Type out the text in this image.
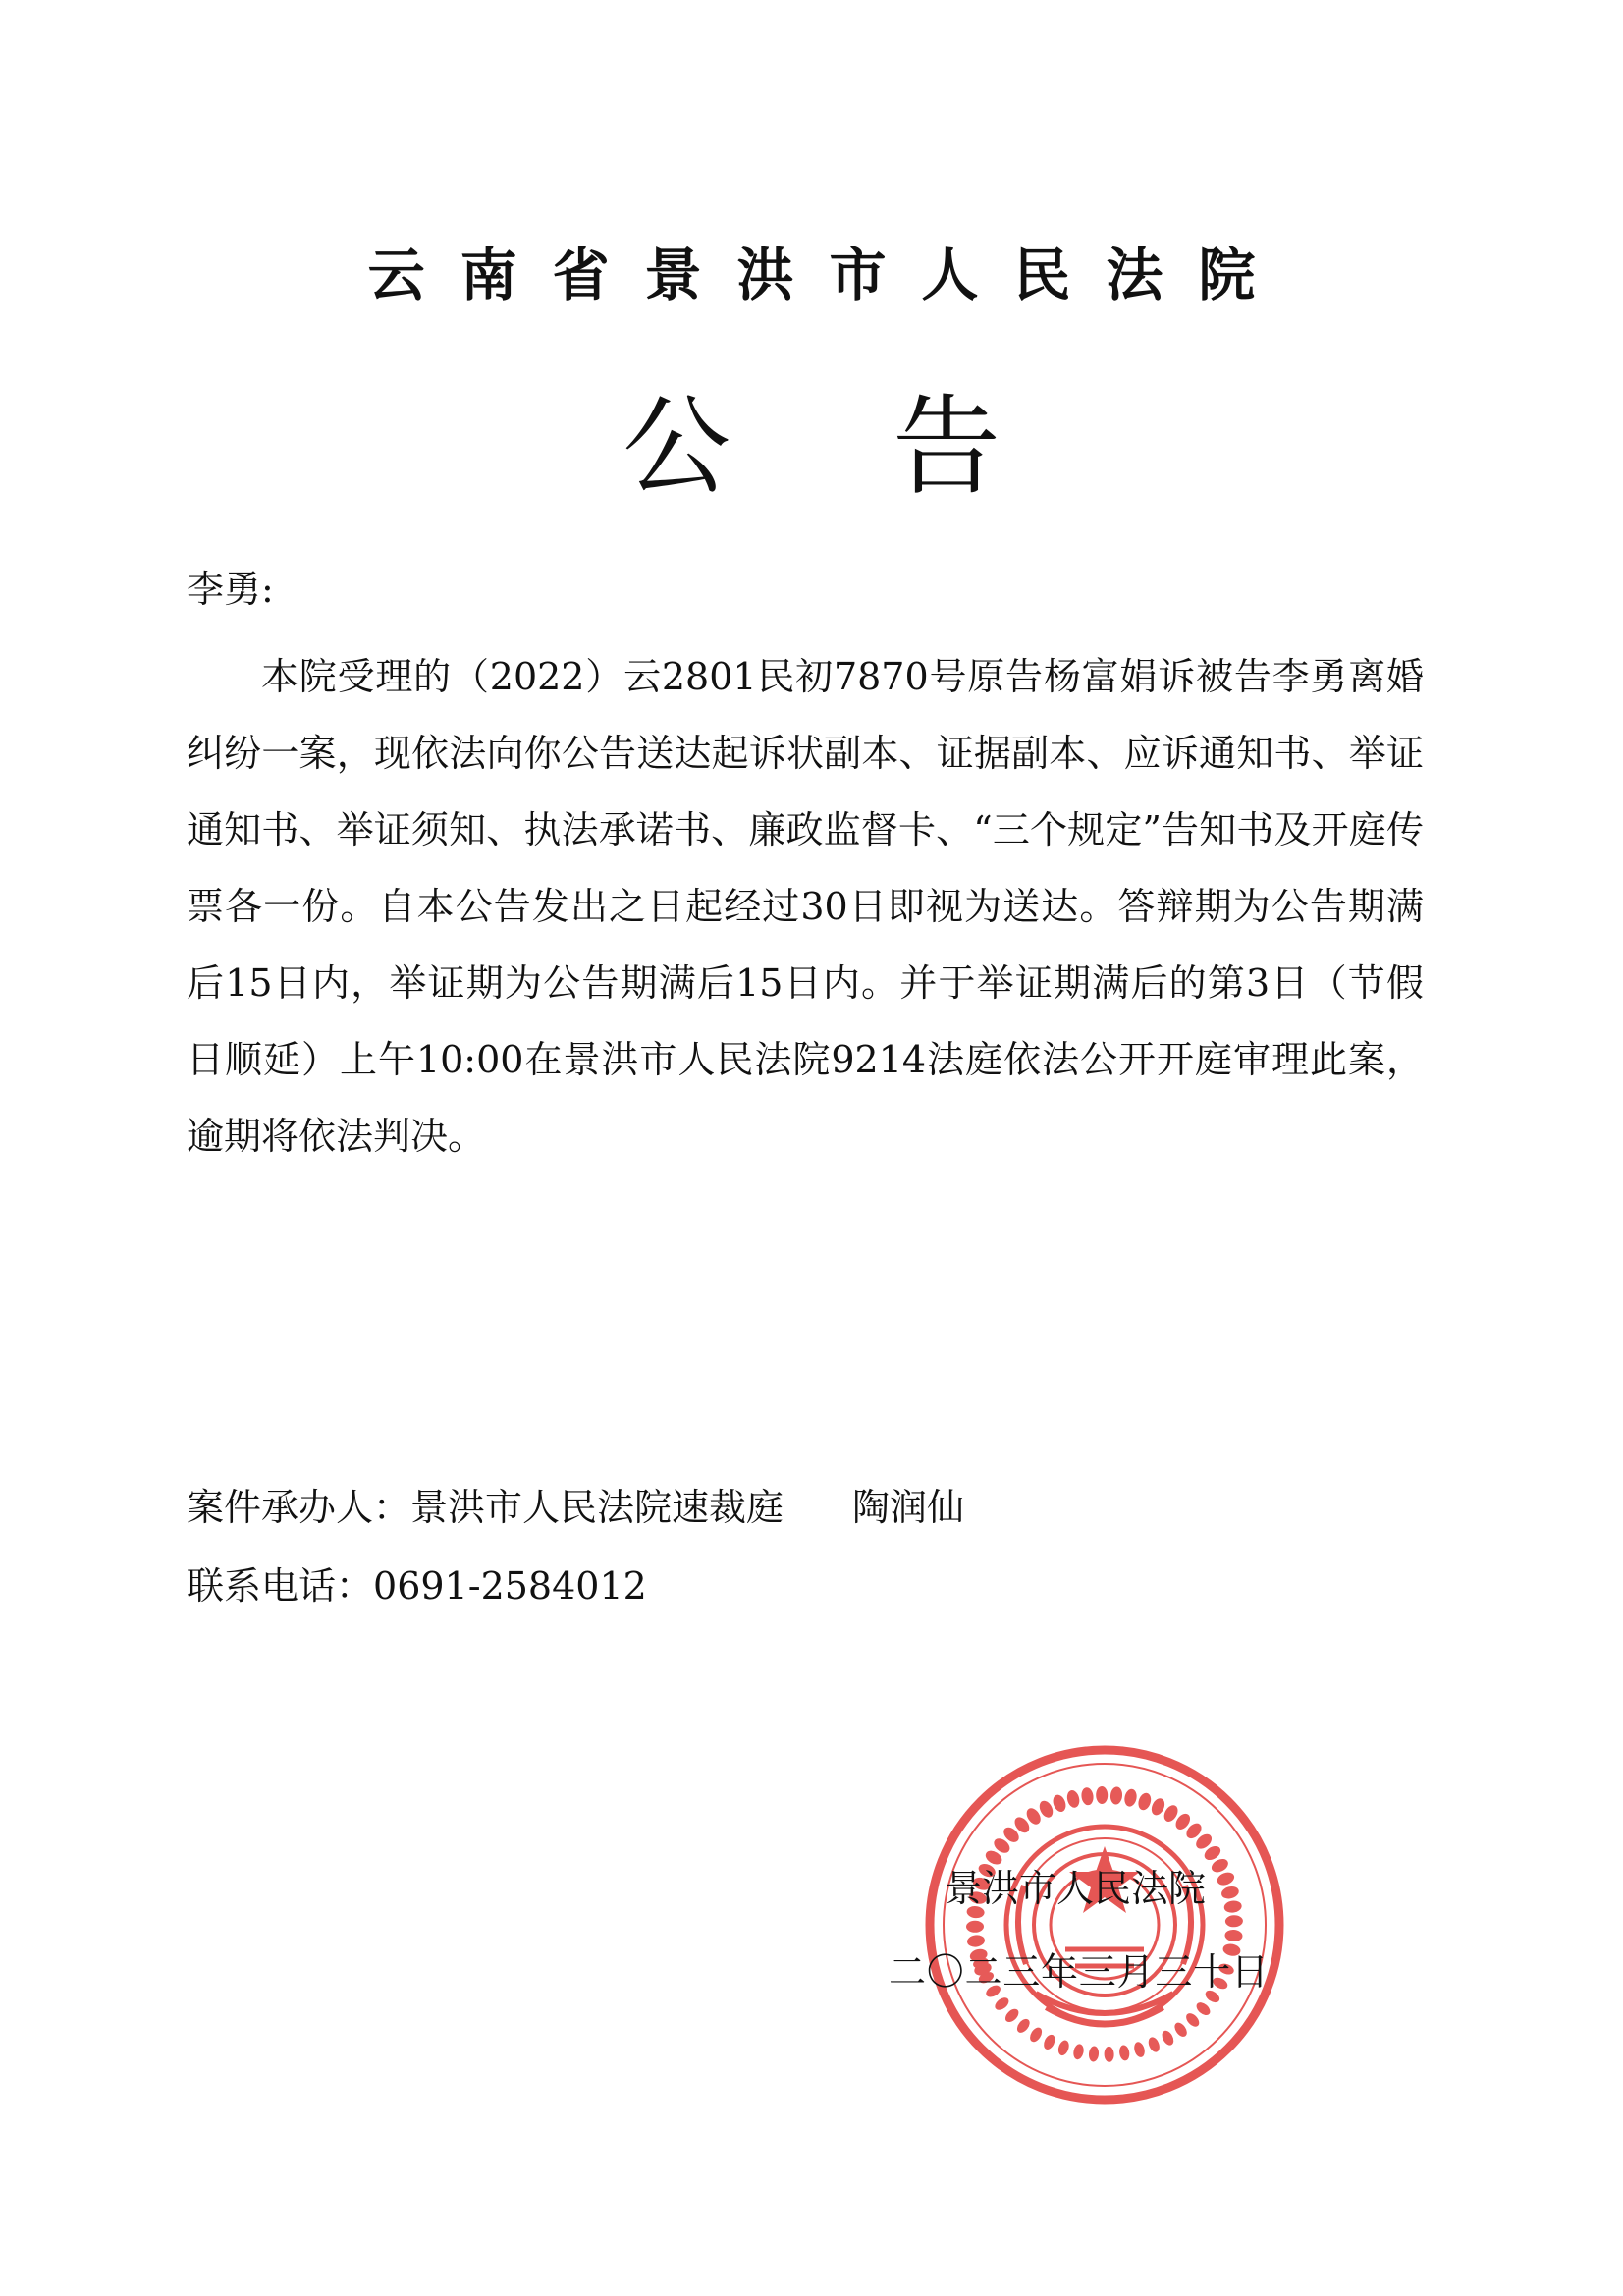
云南省景洪市人民法院
公告
李勇:

本院受理的（2022）云2801民初7870号原告杨富娟诉被告李勇离婚纠纷一案，现依法向你公告送达起诉状副本、证据副本、应诉通知书、举证通知书、举证须知、执法承诺书、廉政监督卡、“三个规定”告知书及开庭传票各一份。自本公告发出之日起经过30日即视为送达。答辩期为公告期满后15日内，举证期为公告期满后15日内。并于举证期满后的第3日（节假日顺延）上午10:00在景洪市人民法院9214法庭依法公开开庭审理此案，逾期将依法判决。

案件承办人：景洪市人民法院速裁庭 陶润仙
联系电话：0691-2584012
景洪市人民法院
二〇二三年三月三十日
